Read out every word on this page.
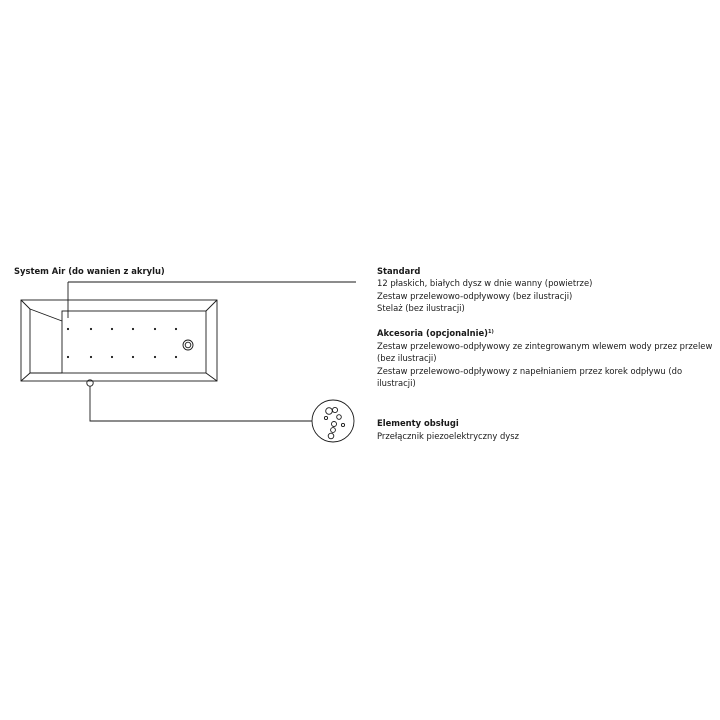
System Air (do wanien z akrylu)	Standard
12 płaskich, białych dysz w dnie wanny (powietrze)
Zestaw przelewowo-odpływowy (bez ilustracji)
Stelaż (bez ilustracji)
Akcesoria (opcjonalnie)$^{1)}$
Zestaw przelewowo-odpływowy ze zintegrowanym wlewem wody przez przelew
(bez ilustracji)
Zestaw przelewowo-odpływowy z napełnianiem przez korek odpływu (do
ilustracji)
Elementy obsługi
Przełącznik piezoelektryczny dysz
